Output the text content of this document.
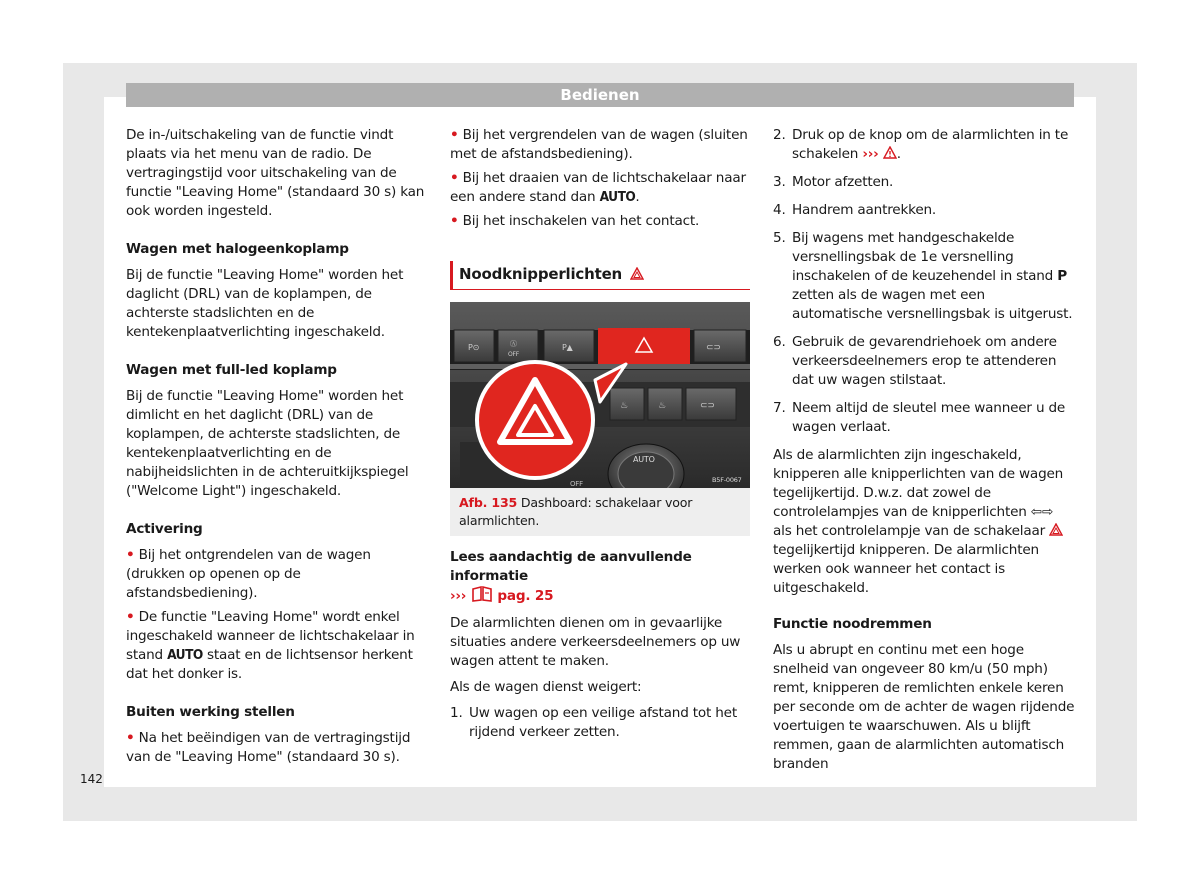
Bedienen

De in-/uitschakeling van de functie vindt plaats via het menu van de radio. De vertragingstijd voor uitschakeling van de functie "Leaving Home" (standaard 30 s) kan ook worden ingesteld.

Wagen met halogeenkoplamp

Bij de functie "Leaving Home" worden het daglicht (DRL) van de koplampen, de achterste stadslichten en de kentekenplaatverlichting ingeschakeld.

Wagen met full-led koplamp

Bij de functie "Leaving Home" worden het dimlicht en het daglicht (DRL) van de koplampen, de achterste stadslichten, de kentekenplaatverlichting en de nabijheidslichten in de achteruitkijkspiegel ("Welcome Light") ingeschakeld.

Activering
• Bij het ontgrendelen van de wagen (drukken op openen op de afstandsbediening).
• De functie "Leaving Home" wordt enkel ingeschakeld wanneer de lichtschakelaar in stand AUTO staat en de lichtsensor herkent dat het donker is.
Buiten werking stellen
• Na het beëindigen van de vertragingstijd van de "Leaving Home" (standaard 30 s).
• Bij het vergrendelen van de wagen (sluiten met de afstandsbediening).
• Bij het draaien van de lichtschakelaar naar een andere stand dan AUTO.
• Bij het inschakelen van het contact.
Noodknipperlichten
P⊙	Ⓐ
OFF
P▲	⊂⊃
♨	♨	⊂⊃
AUTO
OFF	B5F-0067
Afb. 135 Dashboard: schakelaar voor alarmlichten.
Lees aandachtig de aanvullende informatie
››› pag. 25

De alarmlichten dienen om in gevaarlijke situaties andere verkeersdeelnemers op uw wagen attent te maken.

Als de wagen dienst weigert:

1. Uw wagen op een veilige afstand tot het rijdend verkeer zetten.
2. Druk op de knop om de alarmlichten in te schakelen ››› .
3. Motor afzetten.
4. Handrem aantrekken.
5. Bij wagens met handgeschakelde versnellingsbak de 1e versnelling inschakelen of de keuzehendel in stand P zetten als de wagen met een automatische versnellingsbak is uitgerust.
6. Gebruik de gevarendriehoek om andere verkeersdeelnemers erop te attenderen dat uw wagen stilstaat.
7. Neem altijd de sleutel mee wanneer u de wagen verlaat.

Als de alarmlichten zijn ingeschakeld, knipperen alle knipperlichten van de wagen tegelijkertijd. D.w.z. dat zowel de controlelampjes van de knipperlichten ⇦⇨ als het controlelampje van de schakelaar  tegelijkertijd knipperen. De alarmlichten werken ook wanneer het contact is uitgeschakeld.

Functie noodremmen

Als u abrupt en continu met een hoge snelheid van ongeveer 80 km/u (50 mph) remt, knipperen de remlichten enkele keren per seconde om de achter de wagen rijdende voertuigen te waarschuwen. Als u blijft remmen, gaan de alarmlichten automatisch branden

142
